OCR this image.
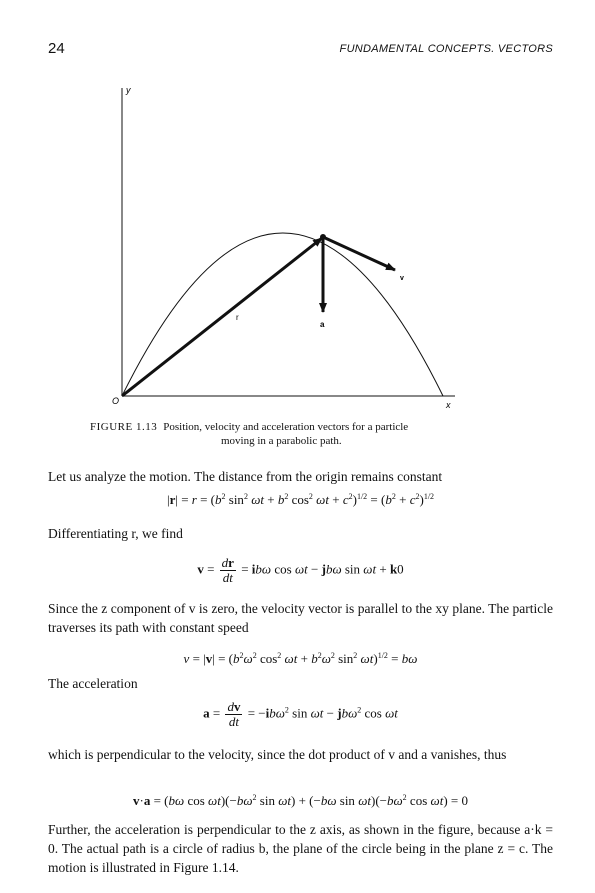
24	FUNDAMENTAL CONCEPTS. VECTORS
y
x
O
r
v
a
FIGURE 1.13 Position, velocity and acceleration vectors for a particle
moving in a parabolic path.
Let us analyze the motion. The distance from the origin remains constant
$|r| = r = (b^2$ $\sin^2 \omega t + b^2$ $\cos^2 \omega t + c^2)^{1/2} = (b^2 + c^2)^{1/2}$
Differentiating r, we find
$v = \frac{dr}{dt} = ib\omega$ cos ωt − jbω sin ωt + k0
Since the z component of v is zero, the velocity vector is parallel to the xy plane. The particle traverses its path with constant speed
$v = |v| = (b^2\omega^2$ $\cos^2 \omega t + b^2\omega^2$ $\sin^2 \omega t)^{1/2} = b\omega$
The acceleration
$a = \frac{dv}{dt} = -ib\omega^2$ sin ωt − jbω$^2$ cos ωt
which is perpendicular to the velocity, since the dot product of v and a vanishes, thus
v·a = (bω $\cos \omega t)(-b\omega^2$ sin ωt) + (−bω $\sin \omega t)(-b\omega^2$ cos ωt) = 0
Further, the acceleration is perpendicular to the z axis, as shown in the figure, because a·k = 0. The actual path is a circle of radius b, the plane of the circle being in the plane z = c. The motion is illustrated in Figure 1.14.
